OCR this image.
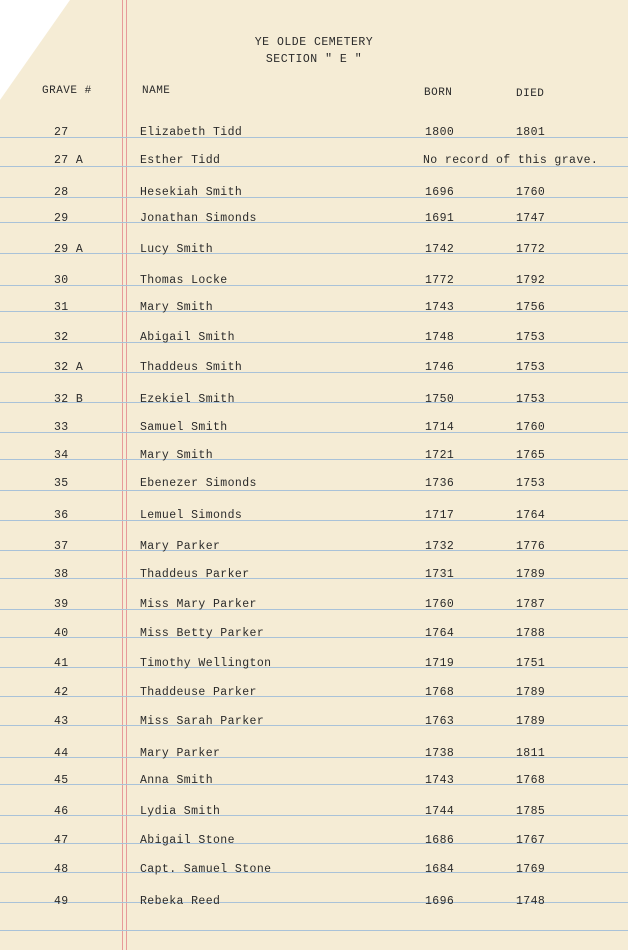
YE OLDE CEMETERY
SECTION " E "
GRAVE #	NAME	BORN	DIED
27	Elizabeth Tidd	1800	1801
27 A	Esther Tidd	No record of this grave.
28	Hesekiah Smith	1696	1760
29	Jonathan Simonds	1691	1747
29 A	Lucy Smith	1742	1772
30	Thomas Locke	1772	1792
31	Mary Smith	1743	1756
32	Abigail Smith	1748	1753
32 A	Thaddeus Smith	1746	1753
32 B	Ezekiel Smith	1750	1753
33	Samuel Smith	1714	1760
34	Mary Smith	1721	1765
35	Ebenezer Simonds	1736	1753
36	Lemuel Simonds	1717	1764
37	Mary Parker	1732	1776
38	Thaddeus Parker	1731	1789
39	Miss Mary Parker	1760	1787
40	Miss Betty Parker	1764	1788
41	Timothy Wellington	1719	1751
42	Thaddeuse Parker	1768	1789
43	Miss Sarah Parker	1763	1789
44	Mary Parker	1738	1811
45	Anna Smith	1743	1768
46	Lydia Smith	1744	1785
47	Abigail Stone	1686	1767
48	Capt. Samuel Stone	1684	1769
49	Rebeka Reed	1696	1748
